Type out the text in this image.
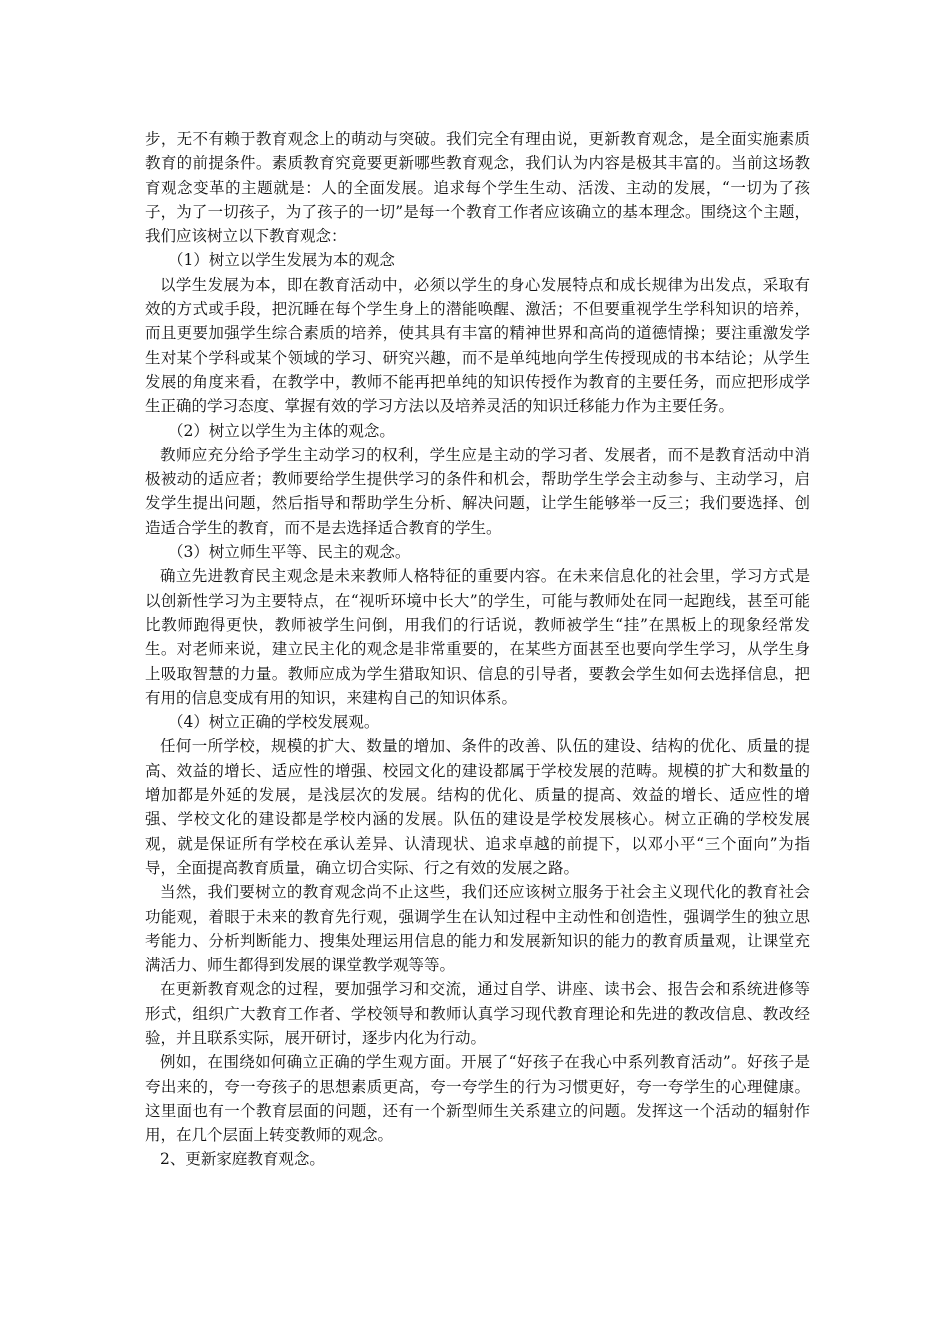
步，无不有赖于教育观念上的萌动与突破。我们完全有理由说，更新教育观念，是全面实施素质教育的前提条件。素质教育究竟要更新哪些教育观念，我们认为内容是极其丰富的。当前这场教育观念变革的主题就是：人的全面发展。追求每个学生生动、活泼、主动的发展，“一切为了孩子，为了一切孩子，为了孩子的一切”是每一个教育工作者应该确立的基本理念。围绕这个主题，我们应该树立以下教育观念：

（1）树立以学生发展为本的观念

以学生发展为本，即在教育活动中，必须以学生的身心发展特点和成长规律为出发点，采取有效的方式或手段，把沉睡在每个学生身上的潜能唤醒、激活；不但要重视学生学科知识的培养，而且更要加强学生综合素质的培养，使其具有丰富的精神世界和高尚的道德情操；要注重激发学生对某个学科或某个领域的学习、研究兴趣，而不是单纯地向学生传授现成的书本结论；从学生发展的角度来看，在教学中，教师不能再把单纯的知识传授作为教育的主要任务，而应把形成学生正确的学习态度、掌握有效的学习方法以及培养灵活的知识迁移能力作为主要任务。

（2）树立以学生为主体的观念。

教师应充分给予学生主动学习的权利，学生应是主动的学习者、发展者，而不是教育活动中消极被动的适应者；教师要给学生提供学习的条件和机会，帮助学生学会主动参与、主动学习，启发学生提出问题，然后指导和帮助学生分析、解决问题，让学生能够举一反三；我们要选择、创造适合学生的教育，而不是去选择适合教育的学生。

（3）树立师生平等、民主的观念。

确立先进教育民主观念是未来教师人格特征的重要内容。在未来信息化的社会里，学习方式是以创新性学习为主要特点，在“视听环境中长大”的学生，可能与教师处在同一起跑线，甚至可能比教师跑得更快，教师被学生问倒，用我们的行话说，教师被学生“挂”在黑板上的现象经常发生。对老师来说，建立民主化的观念是非常重要的，在某些方面甚至也要向学生学习，从学生身上吸取智慧的力量。教师应成为学生猎取知识、信息的引导者，要教会学生如何去选择信息，把有用的信息变成有用的知识，来建构自己的知识体系。

（4）树立正确的学校发展观。

任何一所学校，规模的扩大、数量的增加、条件的改善、队伍的建设、结构的优化、质量的提高、效益的增长、适应性的增强、校园文化的建设都属于学校发展的范畴。规模的扩大和数量的增加都是外延的发展，是浅层次的发展。结构的优化、质量的提高、效益的增长、适应性的增强、学校文化的建设都是学校内涵的发展。队伍的建设是学校发展核心。树立正确的学校发展观，就是保证所有学校在承认差异、认清现状、追求卓越的前提下，以邓小平“三个面向”为指导，全面提高教育质量，确立切合实际、行之有效的发展之路。

当然，我们要树立的教育观念尚不止这些，我们还应该树立服务于社会主义现代化的教育社会功能观，着眼于未来的教育先行观，强调学生在认知过程中主动性和创造性，强调学生的独立思考能力、分析判断能力、搜集处理运用信息的能力和发展新知识的能力的教育质量观，让课堂充满活力、师生都得到发展的课堂教学观等等。

在更新教育观念的过程，要加强学习和交流，通过自学、讲座、读书会、报告会和系统进修等形式，组织广大教育工作者、学校领导和教师认真学习现代教育理论和先进的教改信息、教改经验，并且联系实际，展开研讨，逐步内化为行动。

例如，在围绕如何确立正确的学生观方面。开展了“好孩子在我心中系列教育活动”。好孩子是夸出来的，夸一夸孩子的思想素质更高，夸一夸学生的行为习惯更好，夸一夸学生的心理健康。这里面也有一个教育层面的问题，还有一个新型师生关系建立的问题。发挥这一个活动的辐射作用，在几个层面上转变教师的观念。

2、更新家庭教育观念。
